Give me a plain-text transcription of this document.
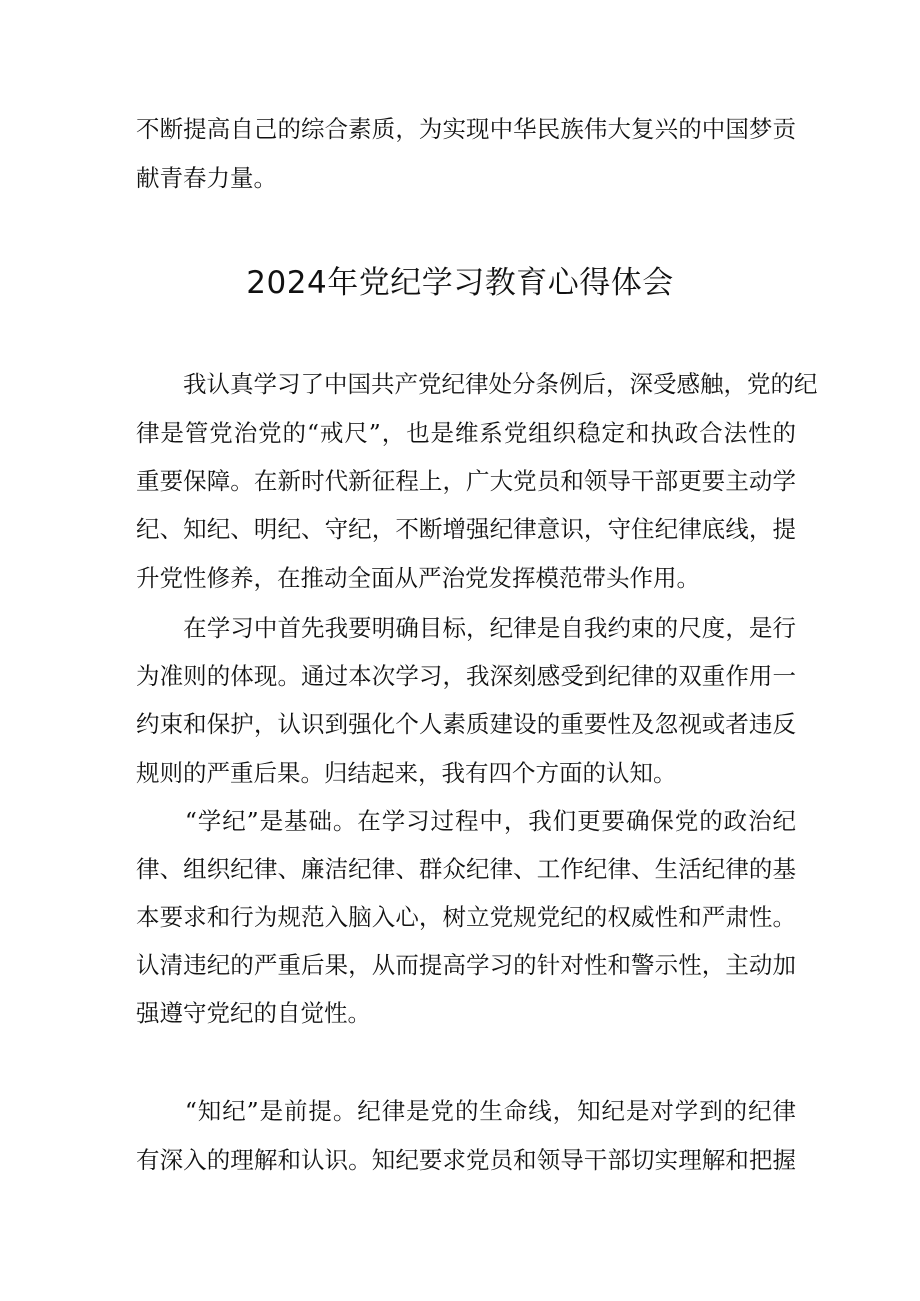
不断提高自己的综合素质，为实现中华民族伟大复兴的中国梦贡
献青春力量。
2024年党纪学习教育心得体会
　　我认真学习了中国共产党纪律处分条例后，深受感触，党的纪
律是管党治党的“戒尺”，也是维系党组织稳定和执政合法性的
重要保障。在新时代新征程上，广大党员和领导干部更要主动学
纪、知纪、明纪、守纪，不断增强纪律意识，守住纪律底线，提
升党性修养，在推动全面从严治党发挥模范带头作用。
　　在学习中首先我要明确目标，纪律是自我约束的尺度，是行
为准则的体现。通过本次学习，我深刻感受到纪律的双重作用一
约束和保护，认识到强化个人素质建设的重要性及忽视或者违反
规则的严重后果。归结起来，我有四个方面的认知。
　　“学纪”是基础。在学习过程中，我们更要确保党的政治纪
律、组织纪律、廉洁纪律、群众纪律、工作纪律、生活纪律的基
本要求和行为规范入脑入心，树立党规党纪的权威性和严肃性。
认清违纪的严重后果，从而提高学习的针对性和警示性，主动加
强遵守党纪的自觉性。
　　“知纪”是前提。纪律是党的生命线，知纪是对学到的纪律
有深入的理解和认识。知纪要求党员和领导干部切实理解和把握
